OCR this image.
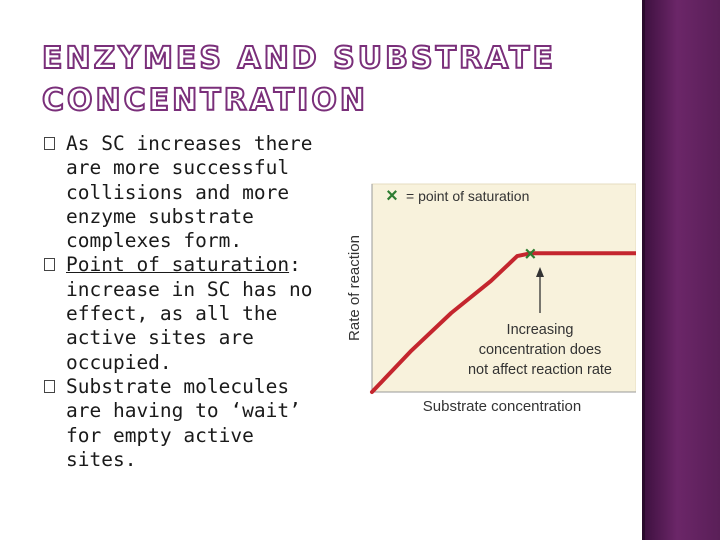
ENZYMES AND SUBSTRATE CONCENTRATION
As SC increases there are more successful collisions and more enzyme substrate complexes form.
Point of saturation: increase in SC has no effect, as all the active sites are occupied.
Substrate molecules are having to ‘wait’ for empty active sites.
× = point of saturation
×
Increasing concentration does not affect reaction rate
Rate of reaction
Substrate concentration
